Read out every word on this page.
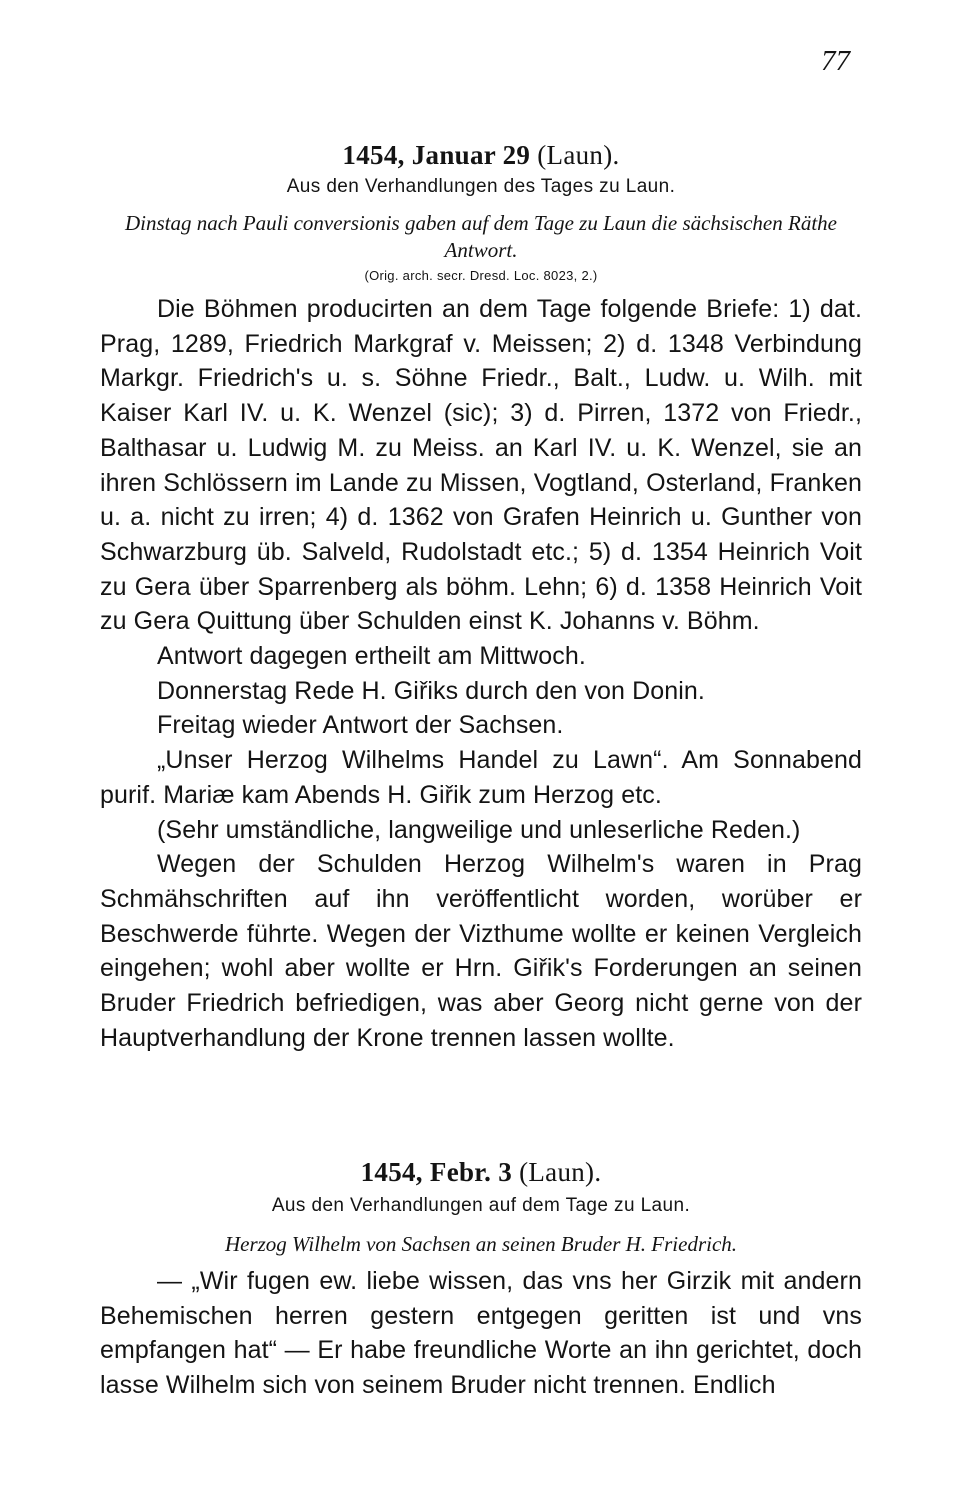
77
1454, Januar 29 (Laun).
Aus den Verhandlungen des Tages zu Laun.
Dinstag nach Pauli conversionis gaben auf dem Tage zu Laun die sächsischen Räthe Antwort.
(Orig. arch. secr. Dresd. Loc. 8023, 2.)

Die Böhmen producirten an dem Tage folgende Briefe: 1) dat. Prag, 1289, Friedrich Markgraf v. Meissen; 2) d. 1348 Verbindung Markgr. Friedrich's u. s. Söhne Friedr., Balt., Ludw. u. Wilh. mit Kaiser Karl IV. u. K. Wenzel (sic); 3) d. Pirren, 1372 von Friedr., Balthasar u. Ludwig M. zu Meiss. an Karl IV. u. K. Wenzel, sie an ihren Schlössern im Lande zu Missen, Vogtland, Osterland, Franken u. a. nicht zu irren; 4) d. 1362 von Grafen Heinrich u. Gunther von Schwarzburg üb. Salveld, Rudolstadt etc.; 5) d. 1354 Heinrich Voit zu Gera über Sparrenberg als böhm. Lehn; 6) d. 1358 Heinrich Voit zu Gera Quittung über Schulden einst K. Johanns v. Böhm.

Antwort dagegen ertheilt am Mittwoch.

Donnerstag Rede H. Giřiks durch den von Donin.

Freitag wieder Antwort der Sachsen.

„Unser Herzog Wilhelms Handel zu Lawn“. Am Sonnabend purif. Mariæ kam Abends H. Giřik zum Herzog etc.

(Sehr umständliche, langweilige und unleserliche Reden.)

Wegen der Schulden Herzog Wilhelm's waren in Prag Schmähschriften auf ihn veröffentlicht worden, worüber er Beschwerde führte. Wegen der Vizthume wollte er keinen Vergleich eingehen; wohl aber wollte er Hrn. Giřik's Forderungen an seinen Bruder Friedrich befriedigen, was aber Georg nicht gerne von der Hauptverhandlung der Krone trennen lassen wollte.

1454, Febr. 3 (Laun).
Aus den Verhandlungen auf dem Tage zu Laun.
Herzog Wilhelm von Sachsen an seinen Bruder H. Friedrich.

— „Wir fugen ew. liebe wissen, das vns her Girzik mit andern Behemischen herren gestern entgegen geritten ist und vns empfangen hat“ — Er habe freundliche Worte an ihn gerichtet, doch lasse Wilhelm sich von seinem Bruder nicht trennen. Endlich
